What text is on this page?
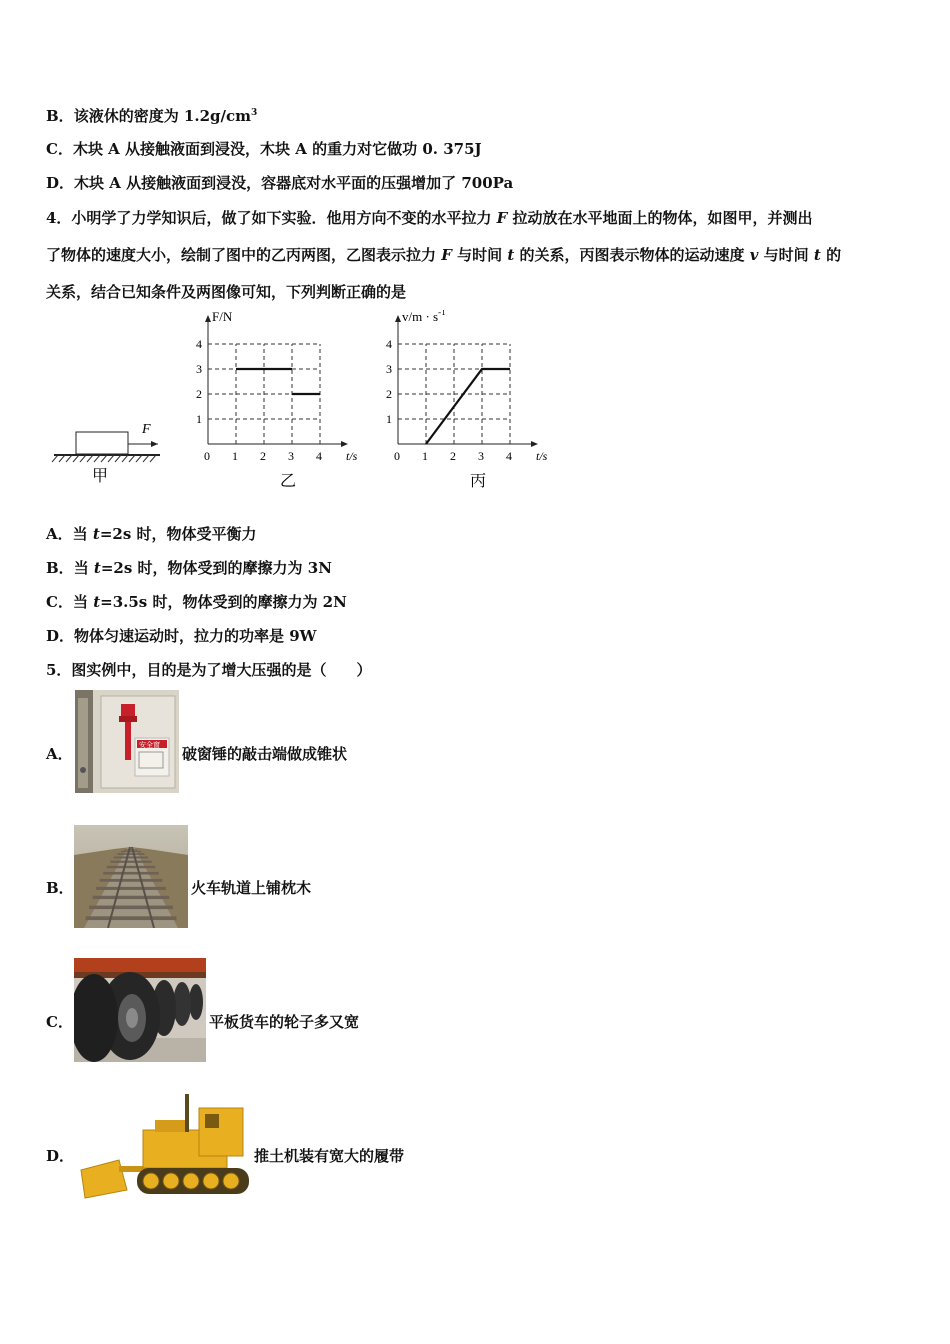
B．该液休的密度为 $1.2g/cm^3$
C．木块 A 从接触液面到浸没，木块 A 的重力对它做功 0. 375J
D．木块 A 从接触液面到浸没，容器底对水平面的压强增加了 700Pa
4．小明学了力学知识后，做了如下实验．他用方向不变的水平拉力 F 拉动放在水平地面上的物体，如图甲，并测出
了物体的速度大小，绘制了图中的乙丙两图，乙图表示拉力 F 与时间 t 的关系，丙图表示物体的运动速度 v 与时间 t 的
关系，结合已知条件及两图像可知，下列判断正确的是
F
甲
0 1 2 3 4
1
2
3
4
t/s
F/N
乙
0 1 2 3 4
1
2
3
4
t/s
$v/m \cdot s^{-1}$
丙
A．当 t=2s 时，物体受平衡力
B．当 t=2s 时，物体受到的摩擦力为 3N
C．当 t=3.5s 时，物体受到的摩擦力为 2N
D．物体匀速运动时，拉力的功率是 9W
5．图实例中，目的是为了增大压强的是（　　）
A．	安全窗 破窗锤的敲击端做成锥状
B．	火车轨道上铺枕木
C．	平板货车的轮子多又宽
D．	推土机装有宽大的履带
